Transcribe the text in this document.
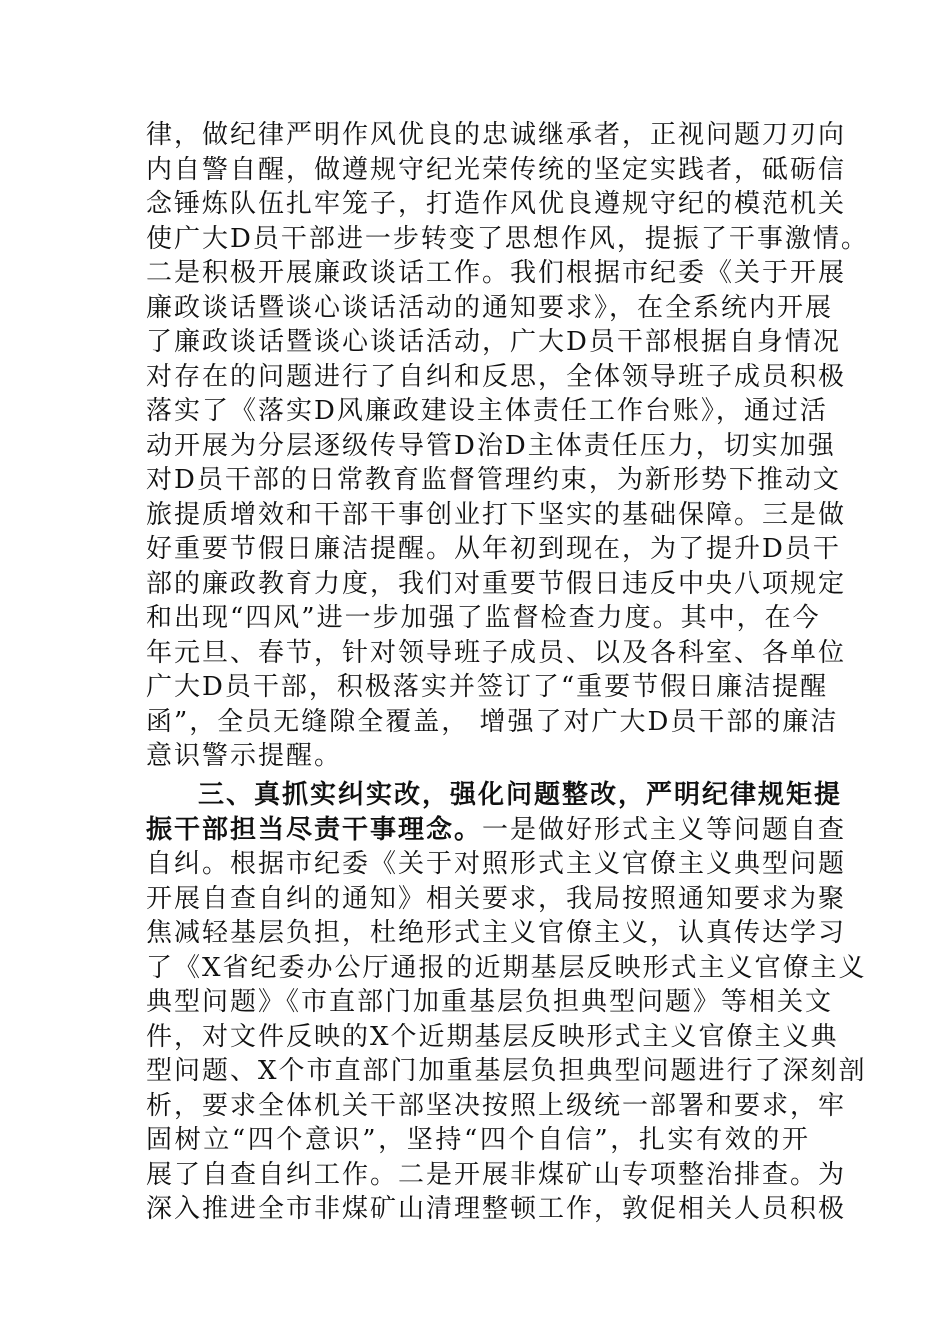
律，做纪律严明作风优良的忠诚继承者，正视问题刀刃向
内自警自醒，做遵规守纪光荣传统的坚定实践者，砥砺信
念锤炼队伍扎牢笼子，打造作风优良遵规守纪的模范机关
使广大D员干部进一步转变了思想作风，提振了干事激情。
二是积极开展廉政谈话工作。我们根据市纪委《关于开展
廉政谈话暨谈心谈话活动的通知要求》，在全系统内开展
了廉政谈话暨谈心谈话活动，广大D员干部根据自身情况
对存在的问题进行了自纠和反思，全体领导班子成员积极
落实了《落实D风廉政建设主体责任工作台账》，通过活
动开展为分层逐级传导管D治D主体责任压力，切实加强
对D员干部的日常教育监督管理约束，为新形势下推动文
旅提质增效和干部干事创业打下坚实的基础保障。三是做
好重要节假日廉洁提醒。从年初到现在，为了提升D员干
部的廉政教育力度，我们对重要节假日违反中央八项规定
和出现“四风”进一步加强了监督检查力度。其中，在今
年元旦、春节，针对领导班子成员、以及各科室、各单位
广大D员干部，积极落实并签订了“重要节假日廉洁提醒
函”，全员无缝隙全覆盖， 增强了对广大D员干部的廉洁
意识警示提醒。
三、真抓实纠实改，强化问题整改，严明纪律规矩提
振干部担当尽责干事理念。一是做好形式主义等问题自查
自纠。根据市纪委《关于对照形式主义官僚主义典型问题
开展自查自纠的通知》相关要求，我局按照通知要求为聚
焦减轻基层负担，杜绝形式主义官僚主义，认真传达学习
了《X省纪委办公厅通报的近期基层反映形式主义官僚主义
典型问题》《市直部门加重基层负担典型问题》等相关文
件，对文件反映的X个近期基层反映形式主义官僚主义典
型问题、X个市直部门加重基层负担典型问题进行了深刻剖
析，要求全体机关干部坚决按照上级统一部署和要求，牢
固树立“四个意识”，坚持“四个自信”，扎实有效的开
展了自查自纠工作。二是开展非煤矿山专项整治排查。为
深入推进全市非煤矿山清理整顿工作，敦促相关人员积极
